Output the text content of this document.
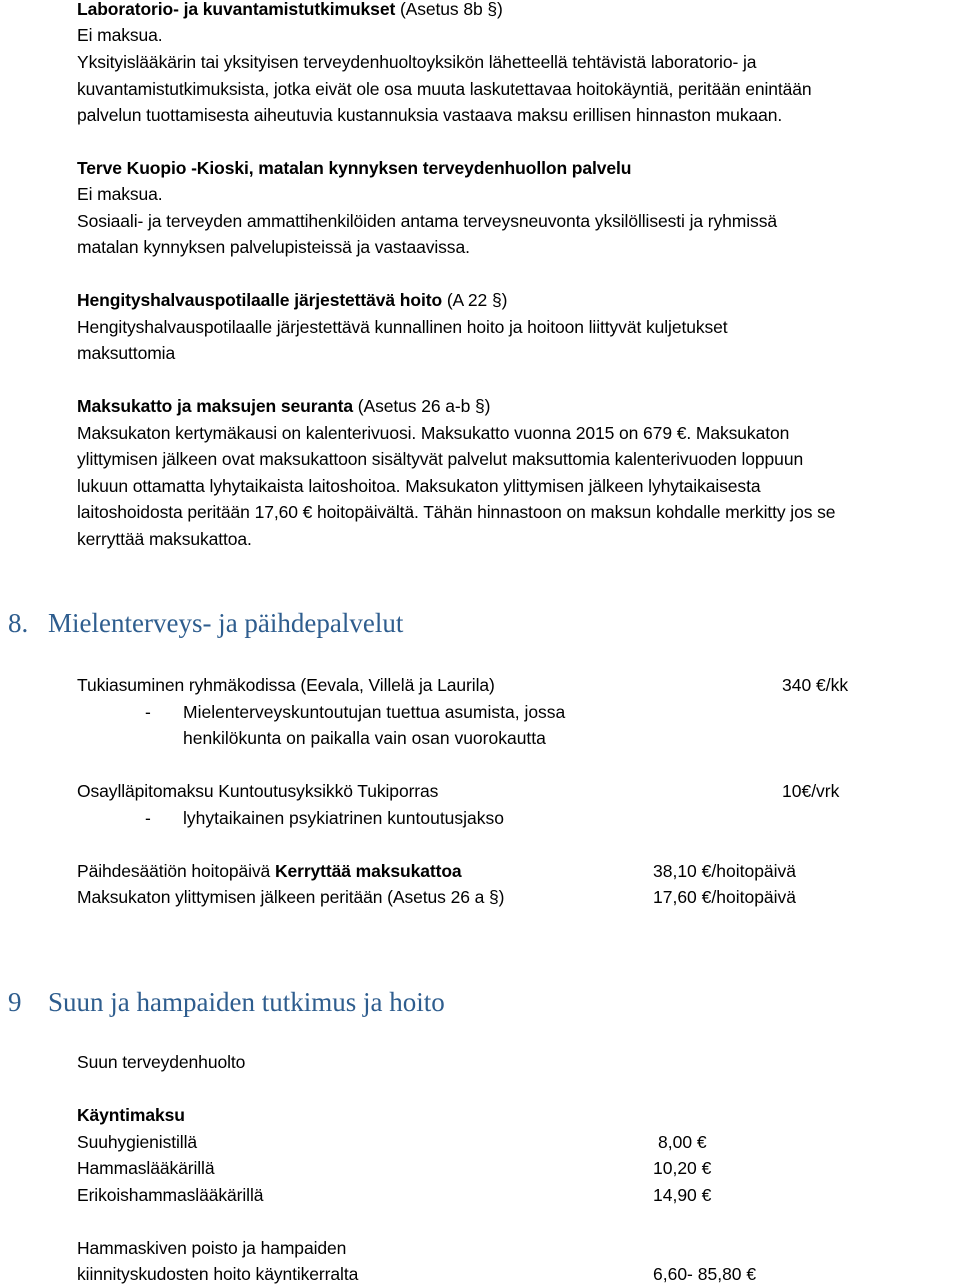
Laboratorio- ja kuvantamistutkimukset (Asetus 8b §)
Ei maksua.
Yksityislääkärin tai yksityisen terveydenhuoltoyksikön lähetteellä tehtävistä laboratorio- ja
kuvantamistutkimuksista, jotka eivät ole osa muuta laskutettavaa hoitokäyntiä, peritään enintään
palvelun tuottamisesta aiheutuvia kustannuksia vastaava maksu erillisen hinnaston mukaan.
Terve Kuopio -Kioski, matalan kynnyksen terveydenhuollon palvelu
Ei maksua.
Sosiaali- ja terveyden ammattihenkilöiden antama terveysneuvonta yksilöllisesti ja ryhmissä
matalan kynnyksen palvelupisteissä ja vastaavissa.
Hengityshalvauspotilaalle järjestettävä hoito (A 22 §)
Hengityshalvauspotilaalle järjestettävä kunnallinen hoito ja hoitoon liittyvät kuljetukset
maksuttomia
Maksukatto ja maksujen seuranta (Asetus 26 a-b §)
Maksukaton kertymäkausi on kalenterivuosi. Maksukatto vuonna 2015 on 679 €. Maksukaton
ylittymisen jälkeen ovat maksukattoon sisältyvät palvelut maksuttomia kalenterivuoden loppuun
lukuun ottamatta lyhytaikaista laitoshoitoa. Maksukaton ylittymisen jälkeen lyhytaikaisesta
laitoshoidosta peritään 17,60 € hoitopäivältä. Tähän hinnastoon on maksun kohdalle merkitty jos se
kerryttää maksukattoa.
8. Mielenterveys- ja päihdepalvelut
Tukiasuminen ryhmäkodissa (Eevala, Villelä ja Laurila)	340 €/kk
- Mielenterveyskuntoutujan tuettua asumista, jossa
henkilökunta on paikalla vain osan vuorokautta
Osaylläpitomaksu Kuntoutusyksikkö Tukiporras	10€/vrk
- lyhytaikainen psykiatrinen kuntoutusjakso
Päihdesäätiön hoitopäivä Kerryttää maksukattoa	38,10 €/hoitopäivä
Maksukaton ylittymisen jälkeen peritään (Asetus 26 a §)	17,60 €/hoitopäivä
9 Suun ja hampaiden tutkimus ja hoito
Suun terveydenhuolto
Käyntimaksu
Suuhygienistillä	8,00 €
Hammaslääkärillä	10,20 €
Erikoishammaslääkärillä	14,90 €
Hammaskiven poisto ja hampaiden
kiinnityskudosten hoito käyntikerralta	6,60- 85,80 €
